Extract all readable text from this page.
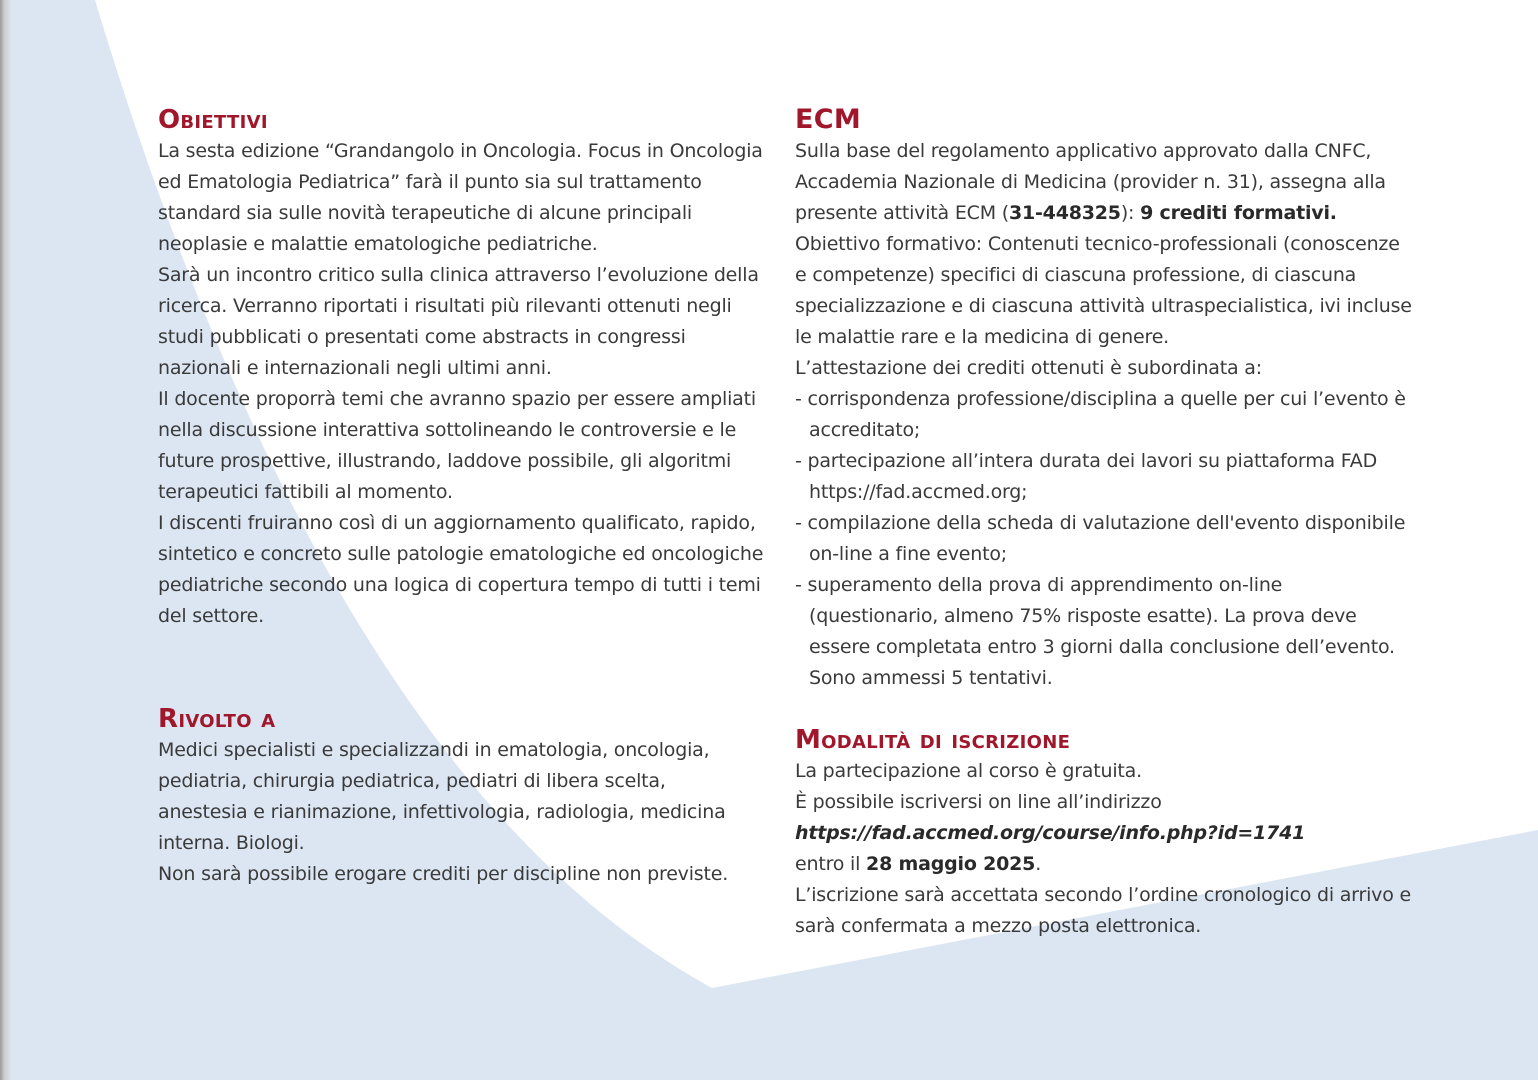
Obiettivi

La sesta edizione “Grandangolo in Oncologia. Focus in Oncologia ed Ematologia Pediatrica” farà il punto sia sul trattamento standard sia sulle novità terapeutiche di alcune principali neoplasie e malattie ematologiche pediatriche.

Sarà un incontro critico sulla clinica attraverso l’evoluzione della ricerca. Verranno riportati i risultati più rilevanti ottenuti negli studi pubblicati o presentati come abstracts in congressi nazionali e internazionali negli ultimi anni.

Il docente proporrà temi che avranno spazio per essere ampliati nella discussione interattiva sottolineando le controversie e le future prospettive, illustrando, laddove possibile, gli algoritmi terapeutici fattibili al momento.

I discenti fruiranno così di un aggiornamento qualificato, rapido, sintetico e concreto sulle patologie ematologiche ed oncologiche pediatriche secondo una logica di copertura tempo di tutti i temi del settore.

Rivolto a

Medici specialisti e specializzandi in ematologia, oncologia, pediatria, chirurgia pediatrica, pediatri di libera scelta, anestesia e rianimazione, infettivologia, radiologia, medicina interna. Biologi.

Non sarà possibile erogare crediti per discipline non previste.

ECM

Sulla base del regolamento applicativo approvato dalla CNFC, Accademia Nazionale di Medicina (provider n. 31), assegna alla presente attività ECM (31-448325): 9 crediti formativi.

Obiettivo formativo: Contenuti tecnico-professionali (conoscenze e competenze) specifici di ciascuna professione, di ciascuna specializzazione e di ciascuna attività ultraspecialistica, ivi incluse le malattie rare e la medicina di genere.

L’attestazione dei crediti ottenuti è subordinata a:

- corrispondenza professione/disciplina a quelle per cui l’evento è accreditato;

- partecipazione all’intera durata dei lavori su piattaforma FAD https://fad.accmed.org;

- compilazione della scheda di valutazione dell'evento disponibile on-line a fine evento;

- superamento della prova di apprendimento on-line (questionario, almeno 75% risposte esatte). La prova deve essere completata entro 3 giorni dalla conclusione dell’evento. Sono ammessi 5 tentativi.

Modalità di iscrizione

La partecipazione al corso è gratuita.

È possibile iscriversi on line all’indirizzo

https://fad.accmed.org/course/info.php?id=1741

entro il 28 maggio 2025.

L’iscrizione sarà accettata secondo l’ordine cronologico di arrivo e sarà confermata a mezzo posta elettronica.
